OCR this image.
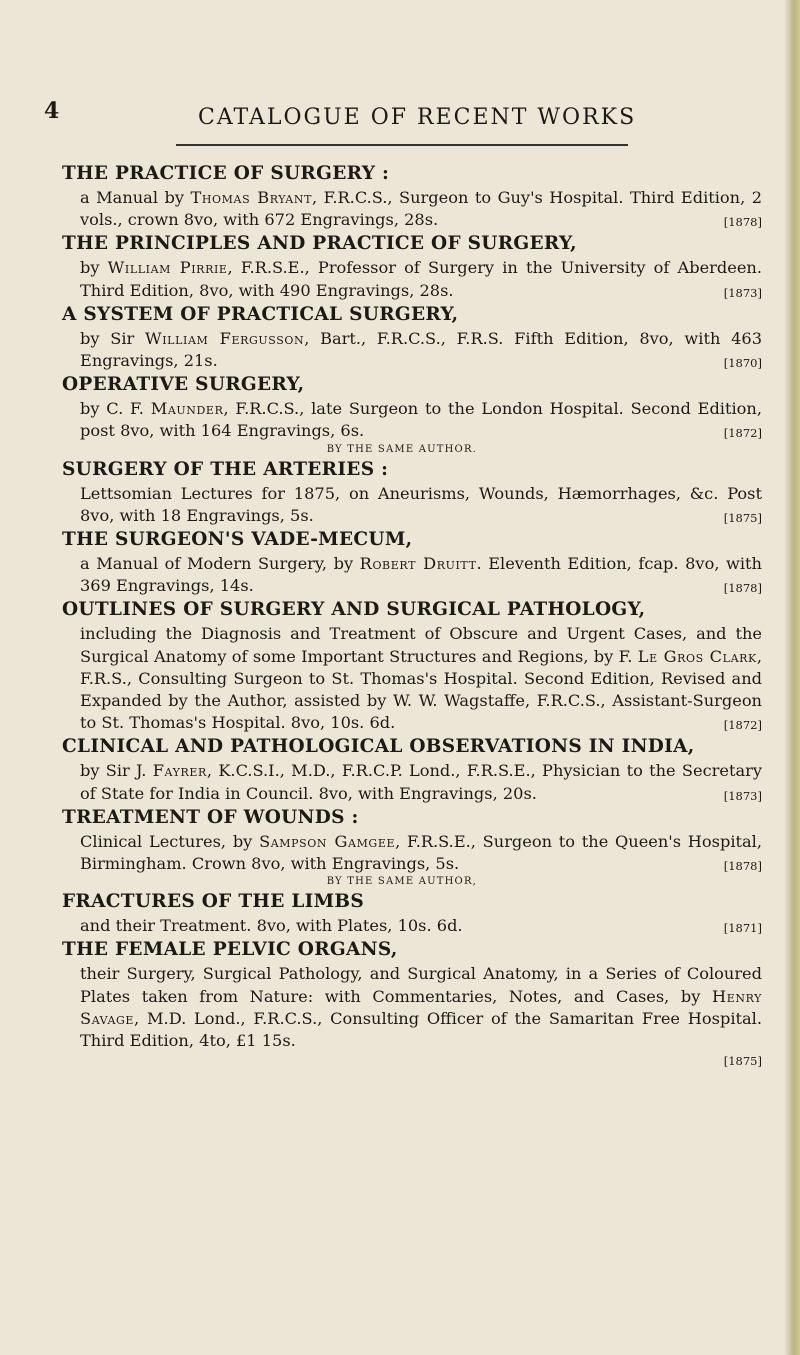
4	CATALOGUE OF RECENT WORKS
THE PRACTICE OF SURGERY :
a Manual by Thomas Bryant, F.R.C.S., Surgeon to Guy's Hospital. Third Edition, 2 vols., crown 8vo, with 672 Engravings, 28s.	[1878]
THE PRINCIPLES AND PRACTICE OF SURGERY,
by William Pirrie, F.R.S.E., Professor of Surgery in the University of Aberdeen. Third Edition, 8vo, with 490 Engravings, 28s.	[1873]
A SYSTEM OF PRACTICAL SURGERY,
by Sir William Fergusson, Bart., F.R.C.S., F.R.S. Fifth Edition, 8vo, with 463 Engravings, 21s.	[1870]
OPERATIVE SURGERY,
by C. F. Maunder, F.R.C.S., late Surgeon to the London Hospital. Second Edition, post 8vo, with 164 Engravings, 6s.	[1872]
BY THE SAME AUTHOR.
SURGERY OF THE ARTERIES :
Lettsomian Lectures for 1875, on Aneurisms, Wounds, Hæmorrhages, &c. Post 8vo, with 18 Engravings, 5s.	[1875]
THE SURGEON'S VADE-MECUM,
a Manual of Modern Surgery, by Robert Druitt. Eleventh Edition, fcap. 8vo, with 369 Engravings, 14s.	[1878]
OUTLINES OF SURGERY AND SURGICAL PATHOLOGY,
including the Diagnosis and Treatment of Obscure and Urgent Cases, and the Surgical Anatomy of some Important Structures and Regions, by F. Le Gros Clark, F.R.S., Consulting Surgeon to St. Thomas's Hospital. Second Edition, Revised and Expanded by the Author, assisted by W. W. Wagstaffe, F.R.C.S., Assistant-Surgeon to St. Thomas's Hospital. 8vo, 10s. 6d.	[1872]
CLINICAL AND PATHOLOGICAL OBSERVATIONS IN INDIA,
by Sir J. Fayrer, K.C.S.I., M.D., F.R.C.P. Lond., F.R.S.E., Physician to the Secretary of State for India in Council. 8vo, with Engravings, 20s.	[1873]
TREATMENT OF WOUNDS :
Clinical Lectures, by Sampson Gamgee, F.R.S.E., Surgeon to the Queen's Hospital, Birmingham. Crown 8vo, with Engravings, 5s.	[1878]
BY THE SAME AUTHOR,
FRACTURES OF THE LIMBS
and their Treatment. 8vo, with Plates, 10s. 6d.	[1871]
THE FEMALE PELVIC ORGANS,
their Surgery, Surgical Pathology, and Surgical Anatomy, in a Series of Coloured Plates taken from Nature: with Commentaries, Notes, and Cases, by Henry Savage, M.D. Lond., F.R.C.S., Consulting Officer of the Samaritan Free Hospital. Third Edition, 4to, £1 15s.
[1875]
